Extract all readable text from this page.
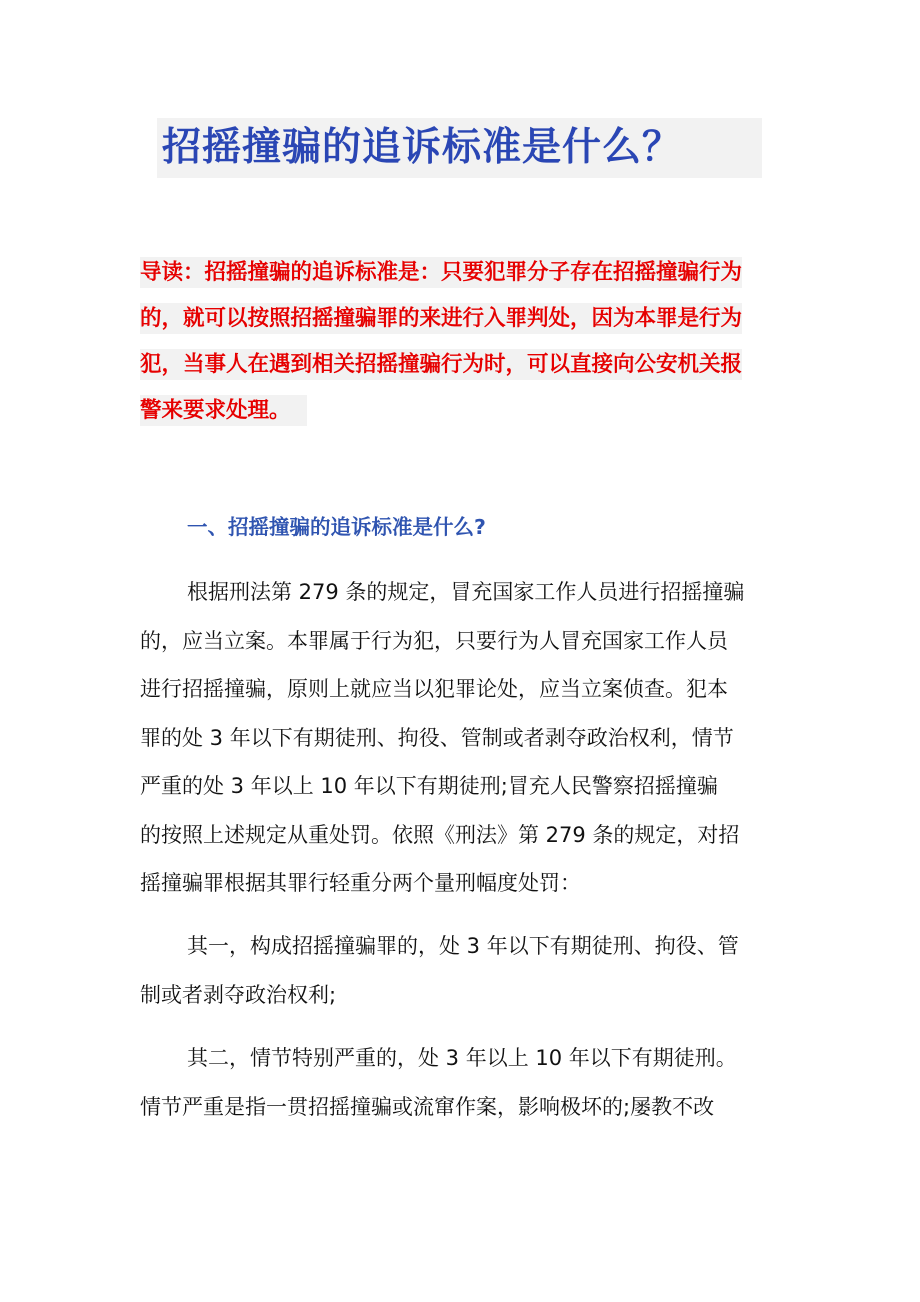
招摇撞骗的追诉标准是什么？
导读：招摇撞骗的追诉标准是：只要犯罪分子存在招摇撞骗行为
的，就可以按照招摇撞骗罪的来进行入罪判处，因为本罪是行为
犯，当事人在遇到相关招摇撞骗行为时，可以直接向公安机关报
警来要求处理。
一、招摇撞骗的追诉标准是什么?
根据刑法第 279 条的规定，冒充国家工作人员进行招摇撞骗
的，应当立案。本罪属于行为犯，只要行为人冒充国家工作人员
进行招摇撞骗，原则上就应当以犯罪论处，应当立案侦查。犯本
罪的处 3 年以下有期徒刑、拘役、管制或者剥夺政治权利，情节
严重的处 3 年以上 10 年以下有期徒刑;冒充人民警察招摇撞骗
的按照上述规定从重处罚。依照《刑法》第 279 条的规定，对招
摇撞骗罪根据其罪行轻重分两个量刑幅度处罚：
其一，构成招摇撞骗罪的，处 3 年以下有期徒刑、拘役、管
制或者剥夺政治权利;
其二，情节特别严重的，处 3 年以上 10 年以下有期徒刑。
情节严重是指一贯招摇撞骗或流窜作案，影响极坏的;屡教不改
